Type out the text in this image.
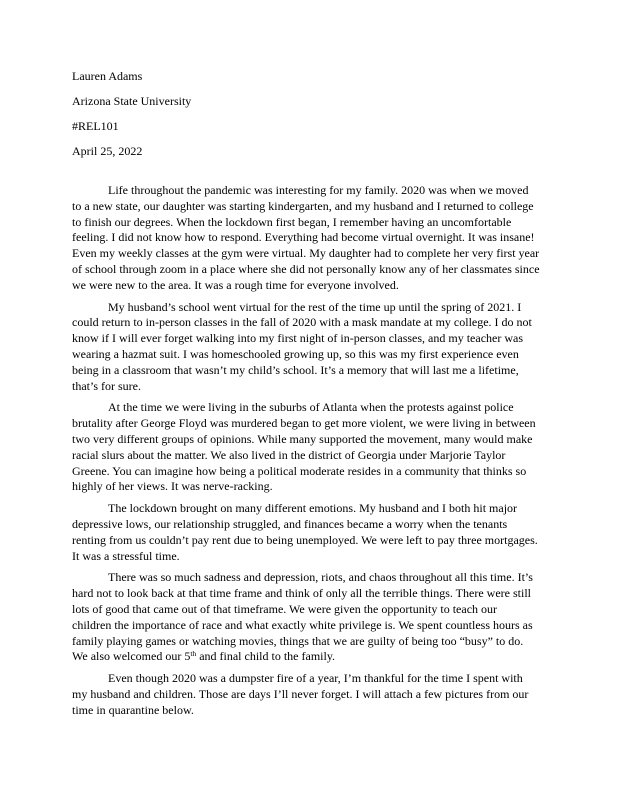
Lauren Adams
Arizona State University
#REL101
April 25, 2022
Life throughout the pandemic was interesting for my family. 2020 was when we moved
to a new state, our daughter was starting kindergarten, and my husband and I returned to college
to finish our degrees. When the lockdown first began, I remember having an uncomfortable
feeling. I did not know how to respond. Everything had become virtual overnight. It was insane!
Even my weekly classes at the gym were virtual. My daughter had to complete her very first year
of school through zoom in a place where she did not personally know any of her classmates since
we were new to the area. It was a rough time for everyone involved.
My husband’s school went virtual for the rest of the time up until the spring of 2021. I
could return to in-person classes in the fall of 2020 with a mask mandate at my college. I do not
know if I will ever forget walking into my first night of in-person classes, and my teacher was
wearing a hazmat suit. I was homeschooled growing up, so this was my first experience even
being in a classroom that wasn’t my child’s school. It’s a memory that will last me a lifetime,
that’s for sure.
At the time we were living in the suburbs of Atlanta when the protests against police
brutality after George Floyd was murdered began to get more violent, we were living in between
two very different groups of opinions. While many supported the movement, many would make
racial slurs about the matter. We also lived in the district of Georgia under Marjorie Taylor
Greene. You can imagine how being a political moderate resides in a community that thinks so
highly of her views. It was nerve-racking.
The lockdown brought on many different emotions. My husband and I both hit major
depressive lows, our relationship struggled, and finances became a worry when the tenants
renting from us couldn’t pay rent due to being unemployed. We were left to pay three mortgages.
It was a stressful time.
There was so much sadness and depression, riots, and chaos throughout all this time. It’s
hard not to look back at that time frame and think of only all the terrible things. There were still
lots of good that came out of that timeframe. We were given the opportunity to teach our
children the importance of race and what exactly white privilege is. We spent countless hours as
family playing games or watching movies, things that we are guilty of being too “busy” to do.
We also welcomed our 5th and final child to the family.
Even though 2020 was a dumpster fire of a year, I’m thankful for the time I spent with
my husband and children. Those are days I’ll never forget. I will attach a few pictures from our
time in quarantine below.
